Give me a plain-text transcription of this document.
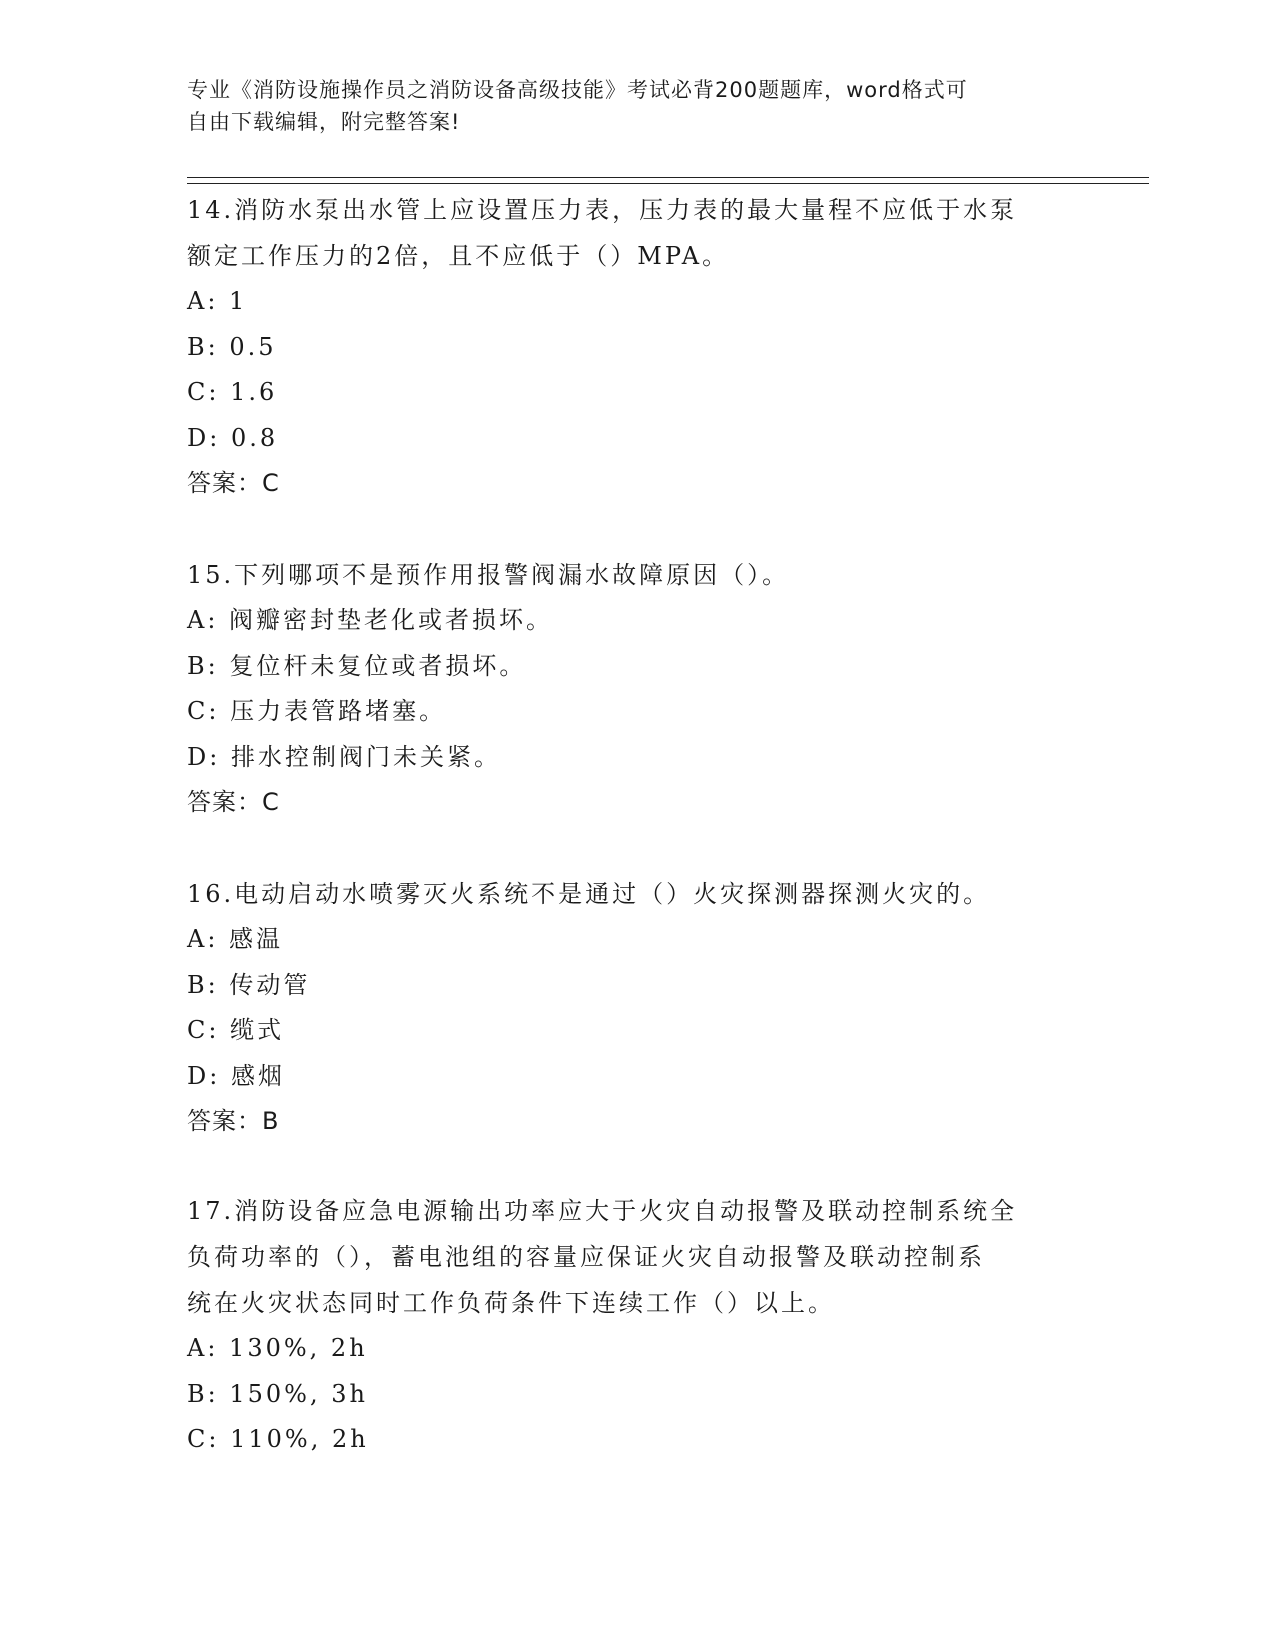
专业《消防设施操作员之消防设备高级技能》考试必背200题题库，word格式可
自由下载编辑，附完整答案!

14.消防水泵出水管上应设置压力表，压力表的最大量程不应低于水泵

额定工作压力的2倍，且不应低于（）MPA。

A: 1

B: 0.5

C: 1.6

D: 0.8

答案：C

15.下列哪项不是预作用报警阀漏水故障原因（）。

A: 阀瓣密封垫老化或者损坏。

B: 复位杆未复位或者损坏。

C: 压力表管路堵塞。

D: 排水控制阀门未关紧。

答案：C

16.电动启动水喷雾灭火系统不是通过（）火灾探测器探测火灾的。

A: 感温

B: 传动管

C: 缆式

D: 感烟

答案：B

17.消防设备应急电源输出功率应大于火灾自动报警及联动控制系统全

负荷功率的（），蓄电池组的容量应保证火灾自动报警及联动控制系

统在火灾状态同时工作负荷条件下连续工作（）以上。

A: 130%, 2h

B: 150%, 3h

C: 110%, 2h
